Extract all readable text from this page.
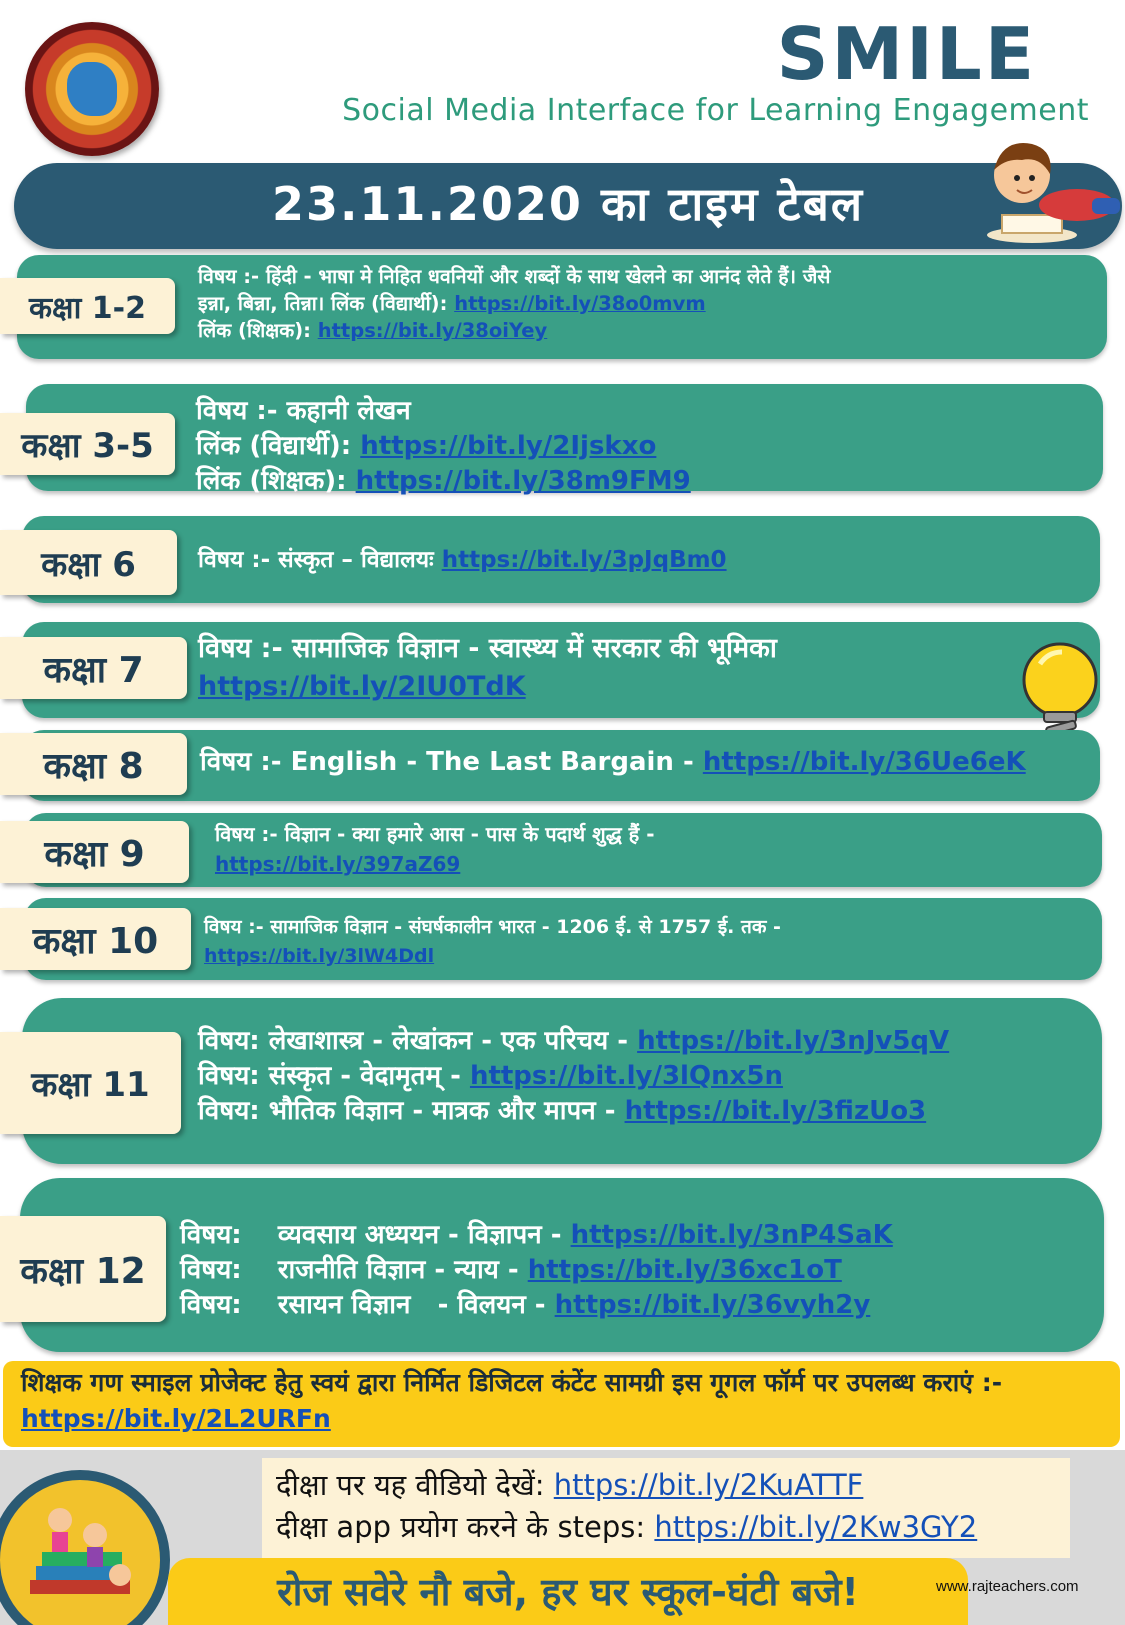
SMILE
Social Media Interface for Learning Engagement
23.11.2020 का टाइम टेबल
कक्षा 1-2
विषय :- हिंदी - भाषा मे निहित धवनियों और शब्दों के साथ खेलने का आनंद लेते हैं। जैसे
इन्ना, बिन्ना, तिन्ना। लिंक (विद्यार्थी): https://bit.ly/38o0mvm
लिंक (शिक्षक): https://bit.ly/38oiYey
कक्षा 3-5
विषय :- कहानी लेखन
लिंक (विद्यार्थी): https://bit.ly/2Ijskxo
लिंक (शिक्षक): https://bit.ly/38m9FM9
कक्षा 6	विषय :- संस्कृत – विद्यालयः https://bit.ly/3pJqBm0
कक्षा 7
विषय :- सामाजिक विज्ञान - स्वास्थ्य में सरकार की भूमिका
https://bit.ly/2IU0TdK
कक्षा 8	विषय :- English - The Last Bargain - https://bit.ly/36Ue6eK
कक्षा 9	विषय :- विज्ञान - क्या हमारे आस - पास के पदार्थ शुद्ध हैं -
https://bit.ly/397aZ69
कक्षा 10	विषय :- सामाजिक विज्ञान - संघर्षकालीन भारत - 1206 ई. से 1757 ई. तक -
https://bit.ly/3lW4Ddl
कक्षा 11
विषय: लेखाशास्त्र - लेखांकन - एक परिचय - https://bit.ly/3nJv5qV
विषय: संस्कृत - वेदामृतम् - https://bit.ly/3lQnx5n
विषय: भौतिक विज्ञान - मात्रक और मापन - https://bit.ly/3fizUo3
कक्षा 12
विषय:    व्यवसाय अध्ययन - विज्ञापन - https://bit.ly/3nP4SaK
विषय:    राजनीति विज्ञान - न्याय - https://bit.ly/36xc1oT
विषय:    रसायन विज्ञान   - विलयन - https://bit.ly/36vyh2y
शिक्षक गण स्माइल प्रोजेक्ट हेतु स्वयं द्वारा निर्मित डिजिटल कंटेंट सामग्री इस गूगल फॉर्म पर उपलब्ध कराएं :- https://bit.ly/2L2URFn
दीक्षा पर यह वीडियो देखें: https://bit.ly/2KuATTF
दीक्षा app प्रयोग करने के steps: https://bit.ly/2Kw3GY2
रोज सवेरे नौ बजे, हर घर स्कूल-घंटी बजे!	www.rajteachers.com
